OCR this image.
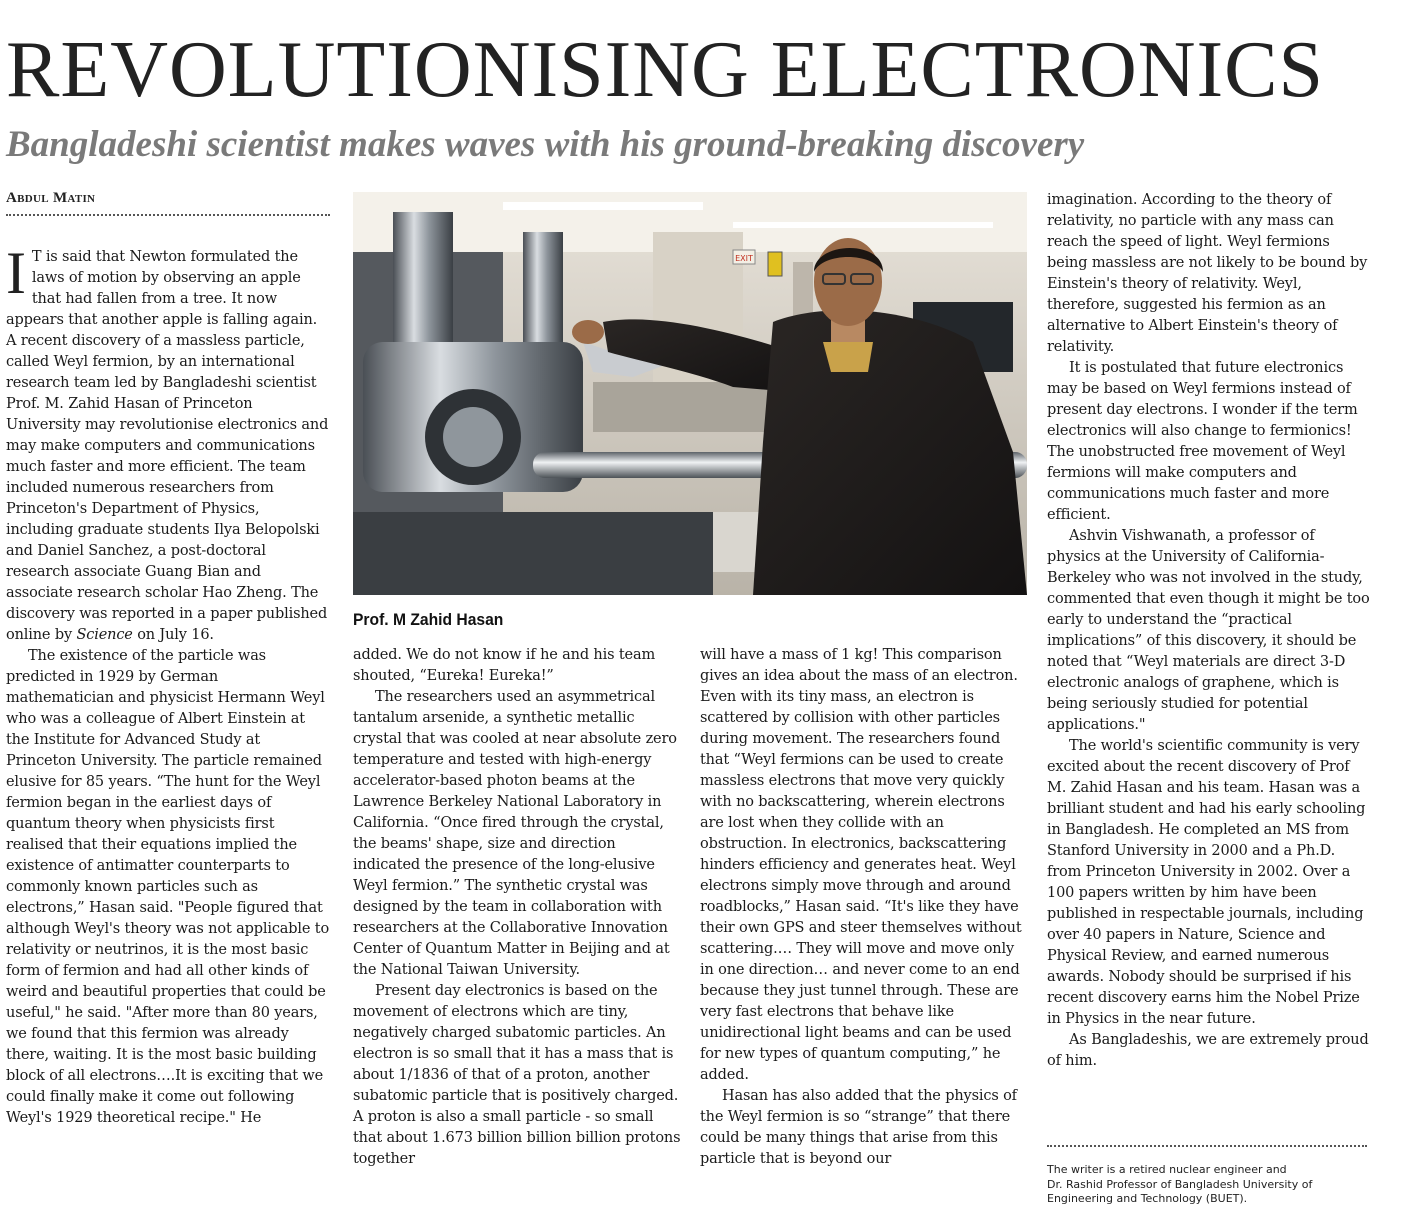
REVOLUTIONISING ELECTRONICS
Bangladeshi scientist makes waves with his ground-breaking discovery
Abdul Matin

I T is said that Newton formulated the laws of motion by observing an apple that had fallen from a tree. It now appears that another apple is falling again. A recent discovery of a massless particle, called Weyl fermion, by an international research team led by Bangladeshi scientist Prof. M. Zahid Hasan of Princeton University may revolutionise electronics and may make computers and communications much faster and more efficient. The team included numerous researchers from Princeton's Department of Physics, including graduate students Ilya Belopolski and Daniel Sanchez, a post-doctoral research associate Guang Bian and associate research scholar Hao Zheng. The discovery was reported in a paper published online by Science on July 16.

The existence of the particle was predicted in 1929 by German mathematician and physicist Hermann Weyl who was a colleague of Albert Einstein at the Institute for Advanced Study at Princeton University. The particle remained elusive for 85 years. “The hunt for the Weyl fermion began in the earliest days of quantum theory when physicists first realised that their equations implied the existence of antimatter counterparts to commonly known particles such as electrons,” Hasan said. "People figured that although Weyl's theory was not applicable to relativity or neutrinos, it is the most basic form of fermion and had all other kinds of weird and beautiful properties that could be useful," he said. "After more than 80 years, we found that this fermion was already there, waiting. It is the most basic building block of all electrons….It is exciting that we could finally make it come out following Weyl's 1929 theoretical recipe." He

EXIT
Prof. M Zahid Hasan

added. We do not know if he and his team shouted, “Eureka! Eureka!”

The researchers used an asymmetrical tantalum arsenide, a synthetic metallic crystal that was cooled at near absolute zero temperature and tested with high-energy accelerator-based photon beams at the Lawrence Berkeley National Laboratory in California. “Once fired through the crystal, the beams' shape, size and direction indicated the presence of the long-elusive Weyl fermion.” The synthetic crystal was designed by the team in collaboration with researchers at the Collaborative Innovation Center of Quantum Matter in Beijing and at the National Taiwan University.

Present day electronics is based on the movement of electrons which are tiny, negatively charged subatomic particles. An electron is so small that it has a mass that is about 1/1836 of that of a proton, another subatomic particle that is positively charged. A proton is also a small particle - so small that about 1.673 billion billion billion protons together

will have a mass of 1 kg! This comparison gives an idea about the mass of an electron. Even with its tiny mass, an electron is scattered by collision with other particles during movement. The researchers found that “Weyl fermions can be used to create massless electrons that move very quickly with no backscattering, wherein electrons are lost when they collide with an obstruction. In electronics, backscattering hinders efficiency and generates heat. Weyl electrons simply move through and around roadblocks,” Hasan said. “It's like they have their own GPS and steer themselves without scattering.… They will move and move only in one direction… and never come to an end because they just tunnel through. These are very fast electrons that behave like unidirectional light beams and can be used for new types of quantum computing,” he added.

Hasan has also added that the physics of the Weyl fermion is so “strange” that there could be many things that arise from this particle that is beyond our

imagination. According to the theory of relativity, no particle with any mass can reach the speed of light. Weyl fermions being massless are not likely to be bound by Einstein's theory of relativity. Weyl, therefore, suggested his fermion as an alternative to Albert Einstein's theory of relativity.

It is postulated that future electronics may be based on Weyl fermions instead of present day electrons. I wonder if the term electronics will also change to fermionics! The unobstructed free movement of Weyl fermions will make computers and communications much faster and more efficient.

Ashvin Vishwanath, a professor of physics at the University of California-Berkeley who was not involved in the study, commented that even though it might be too early to understand the “practical implications” of this discovery, it should be noted that “Weyl materials are direct 3-D electronic analogs of graphene, which is being seriously studied for potential applications."

The world's scientific community is very excited about the recent discovery of Prof M. Zahid Hasan and his team. Hasan was a brilliant student and had his early schooling in Bangladesh. He completed an MS from Stanford University in 2000 and a Ph.D. from Princeton University in 2002. Over a 100 papers written by him have been published in respectable journals, including over 40 papers in Nature, Science and Physical Review, and earned numerous awards. Nobody should be surprised if his recent discovery earns him the Nobel Prize in Physics in the near future.

As Bangladeshis, we are extremely proud of him.

The writer is a retired nuclear engineer and
Dr. Rashid Professor of Bangladesh University of
Engineering and Technology (BUET).
